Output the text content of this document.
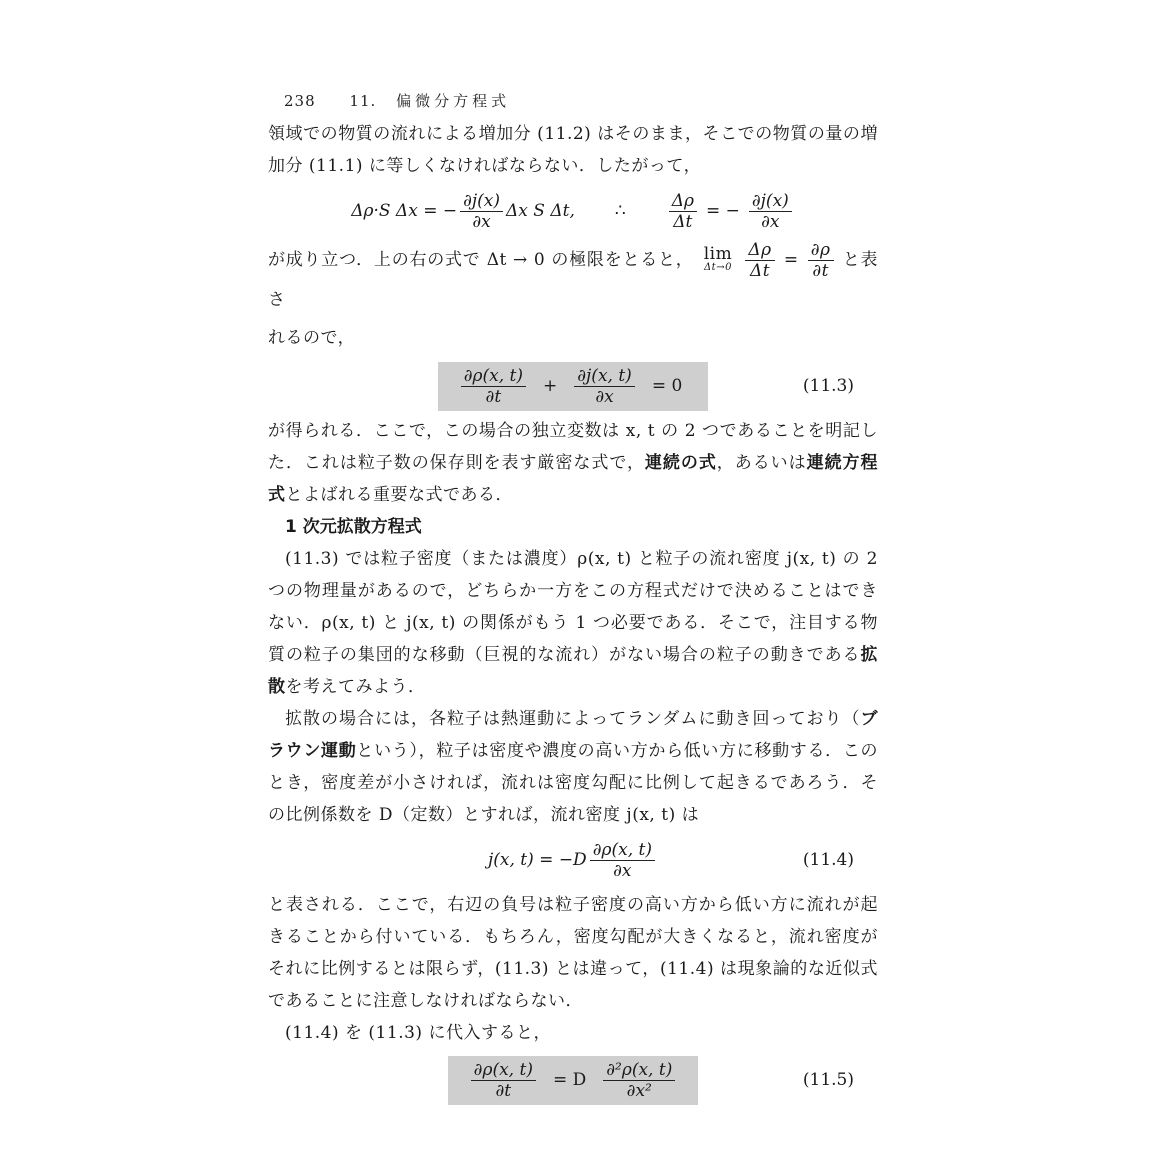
238 11. 偏微分方程式

領域での物質の流れによる増加分 (11.2) はそのまま，そこでの物質の量の増加分 (11.1) に等しくなければならない．したがって，

Δρ·S Δx = − $\frac{\partial j(x)}{\partial x}$ Δx S Δt, ∴	$\frac{\Delta\rho}{\Delta t}$ = − $\frac{\partial j(x)}{\partial x}$

が成り立つ．上の右の式で Δt → 0 の極限をとると， lim
Δt→0
$\frac{\Delta\rho}{\Delta t} = \frac{\partial\rho}{\partial t}$ と表さ
れるので，

$\frac{\partial\rho(x, t)}{\partial t} + \frac{\partial j(x, t)}{\partial x} = 0$	(11.3)

が得られる．ここで，この場合の独立変数は x, t の 2 つであることを明記した．これは粒子数の保存則を表す厳密な式で，連続の式，あるいは連続方程式とよばれる重要な式である．

1 次元拡散方程式

(11.3) では粒子密度（または濃度）ρ(x, t) と粒子の流れ密度 j(x, t) の 2 つの物理量があるので，どちらか一方をこの方程式だけで決めることはできない．ρ(x, t) と j(x, t) の関係がもう 1 つ必要である．そこで，注目する物質の粒子の集団的な移動（巨視的な流れ）がない場合の粒子の動きである拡散を考えてみよう．

拡散の場合には，各粒子は熱運動によってランダムに動き回っており（ブラウン運動という），粒子は密度や濃度の高い方から低い方に移動する．このとき，密度差が小さければ，流れは密度勾配に比例して起きるであろう．その比例係数を D（定数）とすれば，流れ密度 j(x, t) は

j(x, $t) = -D \frac{\partial\rho(x, t)}{\partial x}$	(11.4)

と表される．ここで，右辺の負号は粒子密度の高い方から低い方に流れが起きることから付いている．もちろん，密度勾配が大きくなると，流れ密度がそれに比例するとは限らず，(11.3) とは違って，(11.4) は現象論的な近似式であることに注意しなければならない．

(11.4) を (11.3) に代入すると，

$\frac{\partial\rho(x, t)}{\partial t} = D \frac{\text{∂²ρ(x, t)}}{\text{∂x²}}$	(11.5)
